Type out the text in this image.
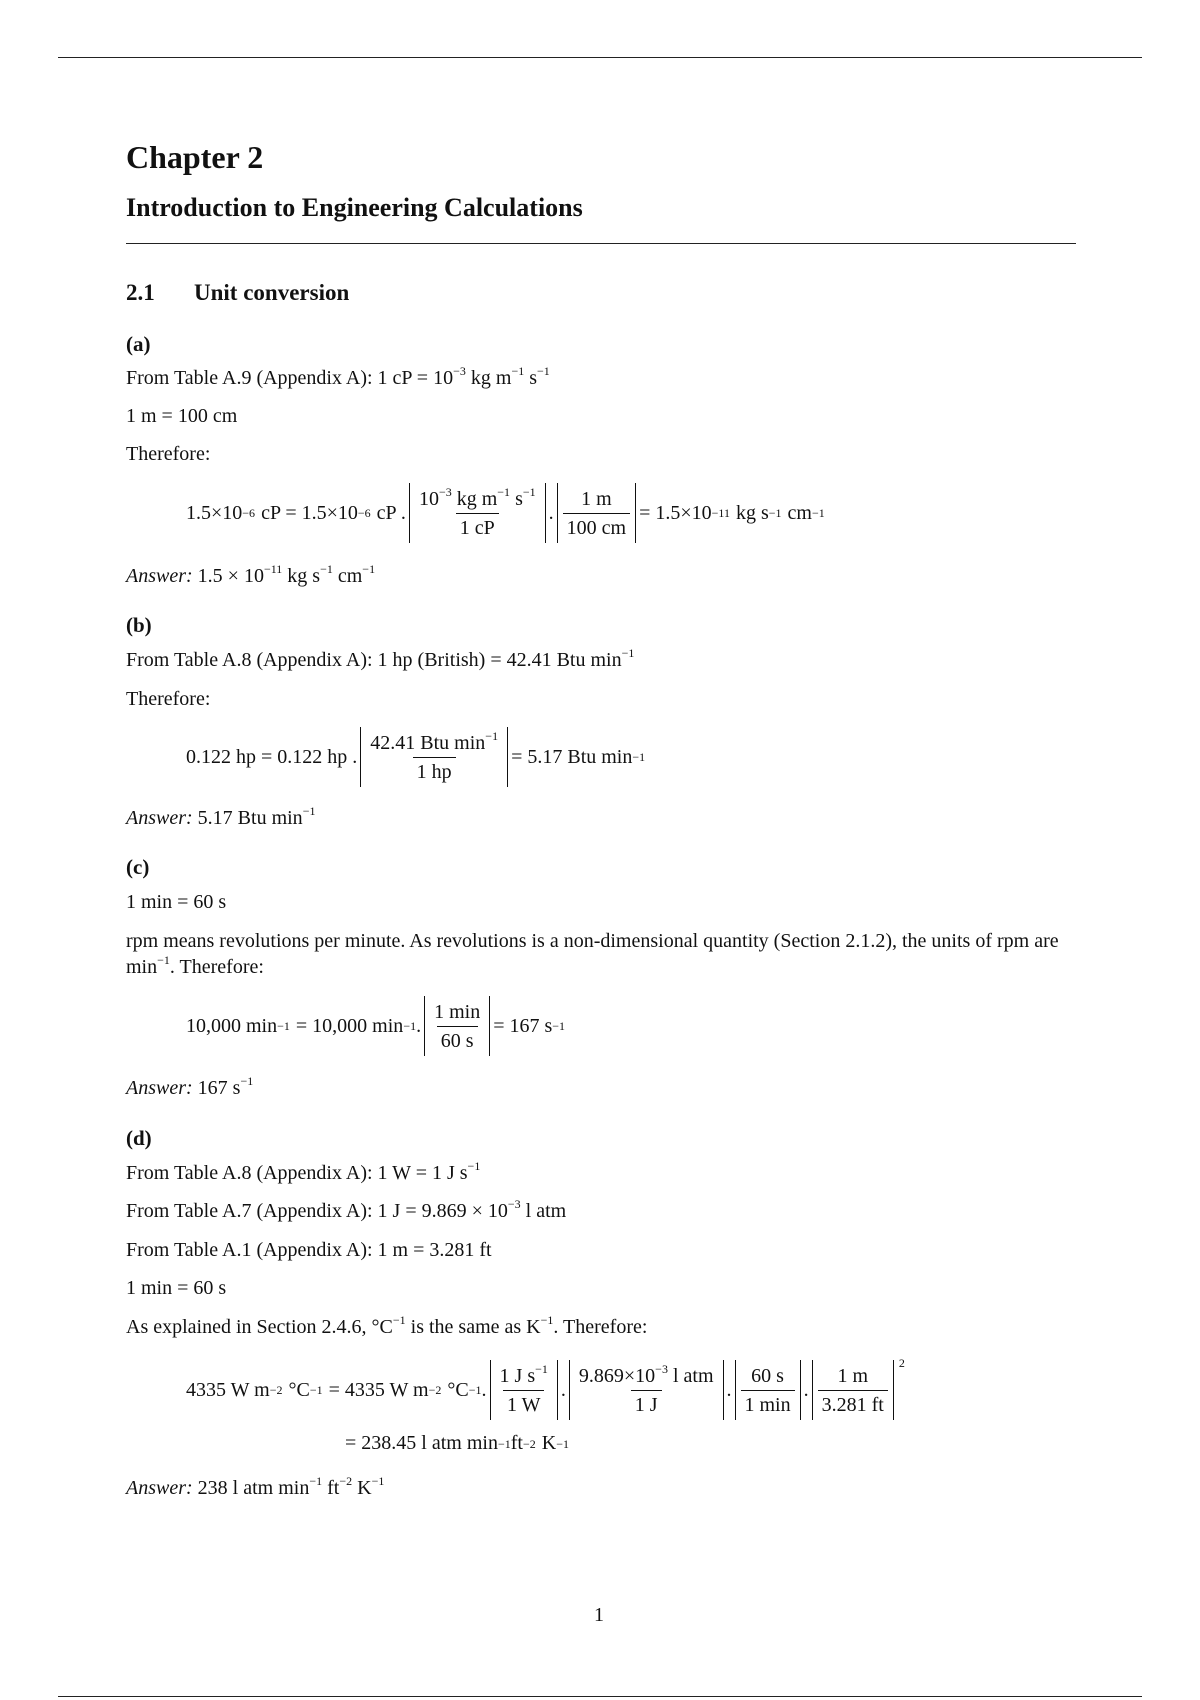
Chapter 2
Introduction to Engineering Calculations
2.1 Unit conversion
(a)
From Table A.9 (Appendix A): 1 cP = $10^{-3}$ kg $m^{-1}$ $s^{-1}$
1 m = 100 cm
Therefore:
1.5×10 −6 cP = 1.5×10 −6 cP . $\frac{10^{-3} kg m^{-1} s^{-1}}{1 cP}$ . $\frac{1 m}{100 cm} = 1.5\times 10 -11$ kg s −1 cm −1
Answer: $1.5 \times 10^{-11}$ kg $s^{-1}$ $cm^{-1}$
(b)
From Table A.8 (Appendix A): 1 hp (British) = 42.41 Btu $\min^{-1}$
Therefore:
0.122 hp = 0.122 hp . $\frac{42.41 Btu \min^{-1}}{1 hp} = 5.17$ Btu min −1
Answer: 5.17 Btu $\min^{-1}$
(c)
1 min = 60 s
rpm means revolutions per minute. As revolutions is a non-dimensional quantity (Section 2.1.2), the units of rpm are $\min^{-1}$. Therefore:
10,000 min −1 = 10,000 min −1 . $\frac{1 \min}{60 s} = 167$ s −1
Answer: 167 $s^{-1}$
(d)
From Table A.8 (Appendix A): 1 W = 1 J $s^{-1}$
From Table A.7 (Appendix A): 1 $J = 9.869 \times 10^{-3}$ l atm
From Table A.1 (Appendix A): 1 m = 3.281 ft
1 min = 60 s
As explained in Section 2.4.6, $^\circ C^{-1}$ is the same as $K^{-1}$. Therefore:
4335 W m −2 °C −1 = 4335 W m −2 °C −1 . $\frac{1 J s^{-1}}{1 W}$ . $\frac{9.869\times 10^{-3} l atm}{1 J}$ . $\frac{60 s}{1 \min}$ . $\frac{1 m}{3.281 ft} 2$
= 238.45 l atm min −1 ft −2 K −1
Answer: 238 l atm $\min^{-1} ft^{-2}$ $K^{-1}$
1
